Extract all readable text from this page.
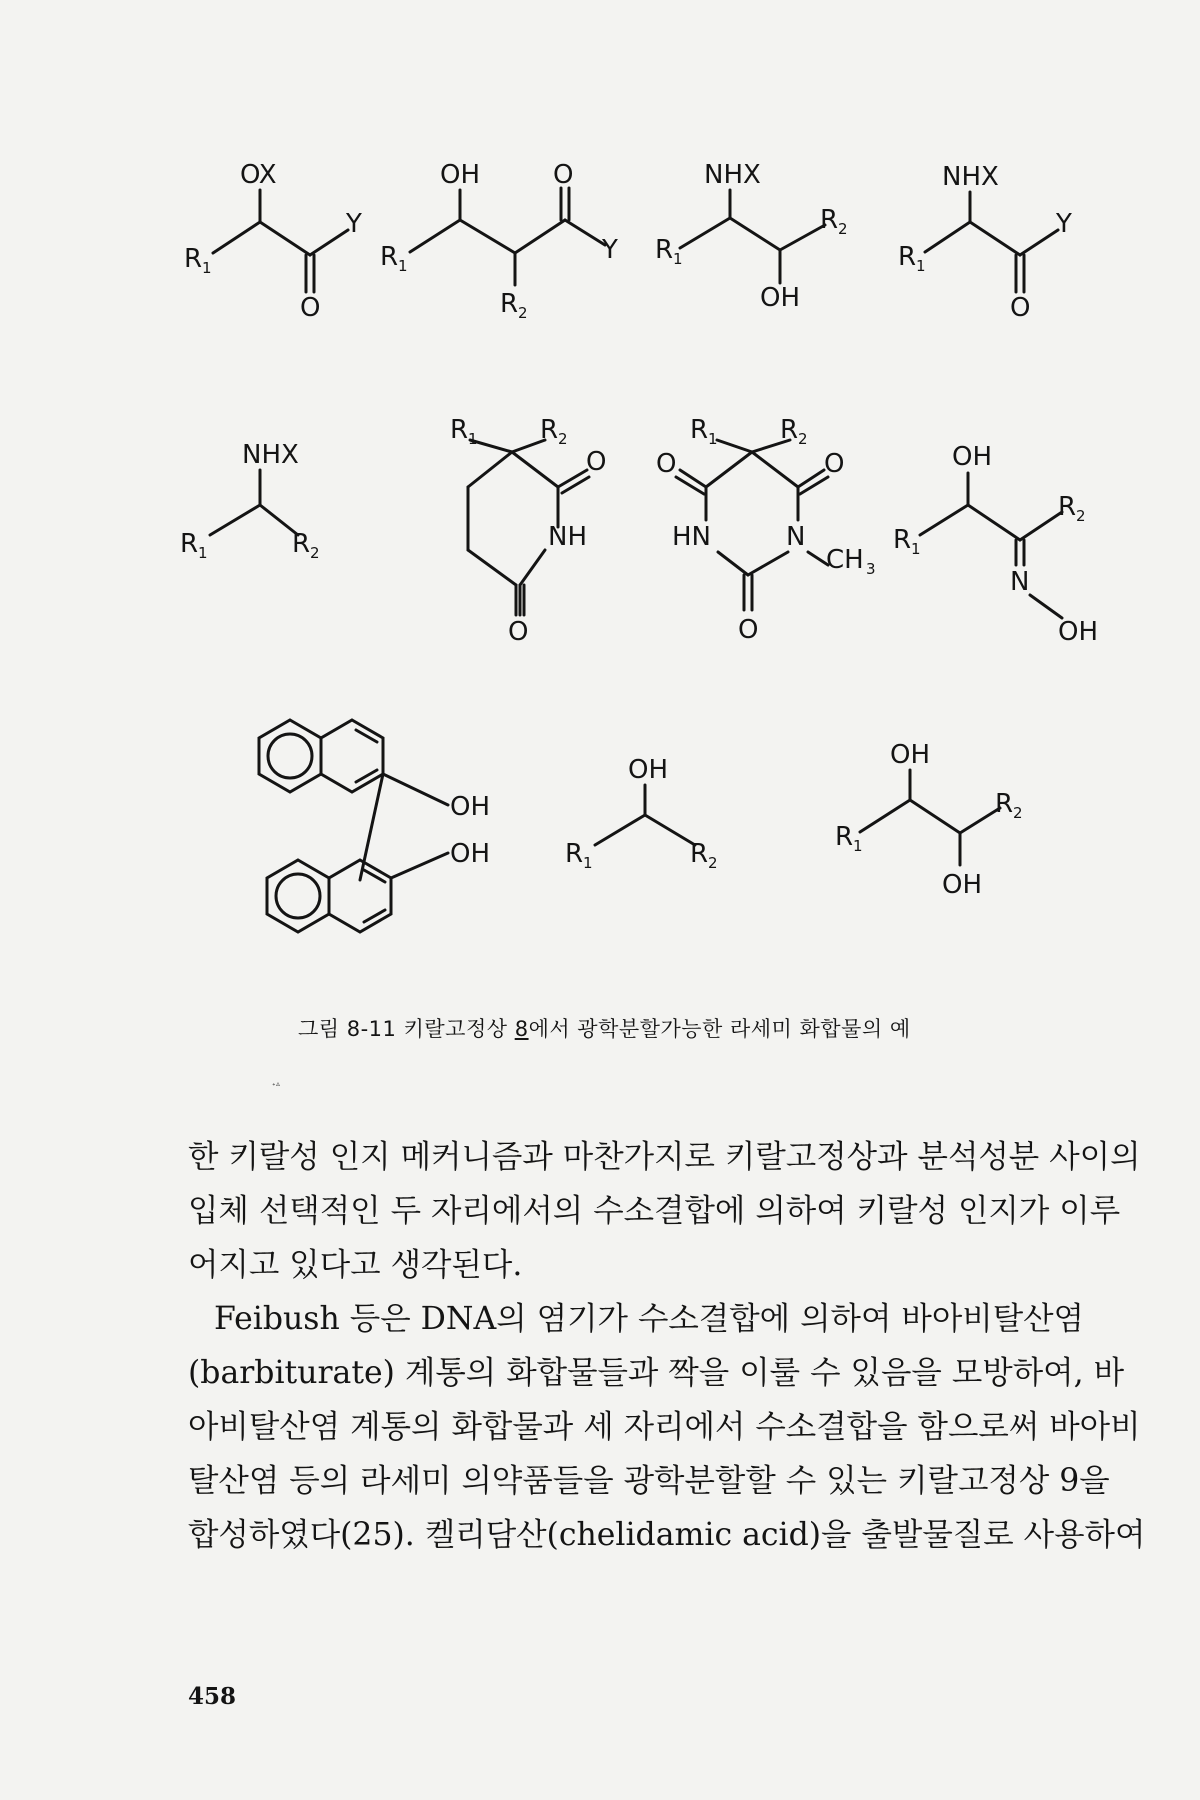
OX
R 1
O
Y
OH	O
R 1
Y
R 2
NHX
R 1
R 2
OH
NHX
R 1
O
Y
NHX
R 1	R 2
R 1 R 2
O
NH
O
R 1 R 2
O	O
HN	N
CH 3
O
OH
R 1
R 2
N
OH
OH
OH
OH
R 1	R 2
OH
R 1
R 2
OH
그림 8-11 키랄고정상 8에서 광학분할가능한 라세미 화합물의 예
ᐩᐞ
한 키랄성 인지 메커니즘과 마찬가지로 키랄고정상과 분석성분 사이의
입체 선택적인 두 자리에서의 수소결합에 의하여 키랄성 인지가 이루
어지고 있다고 생각된다.
Feibush 등은 DNA의 염기가 수소결합에 의하여 바아비탈산염
(barbiturate) 계통의 화합물들과 짝을 이룰 수 있음을 모방하여, 바
아비탈산염 계통의 화합물과 세 자리에서 수소결합을 함으로써 바아비
탈산염 등의 라세미 의약품들을 광학분할할 수 있는 키랄고정상 9을
합성하였다(25). 켈리담산(chelidamic acid)을 출발물질로 사용하여
458
